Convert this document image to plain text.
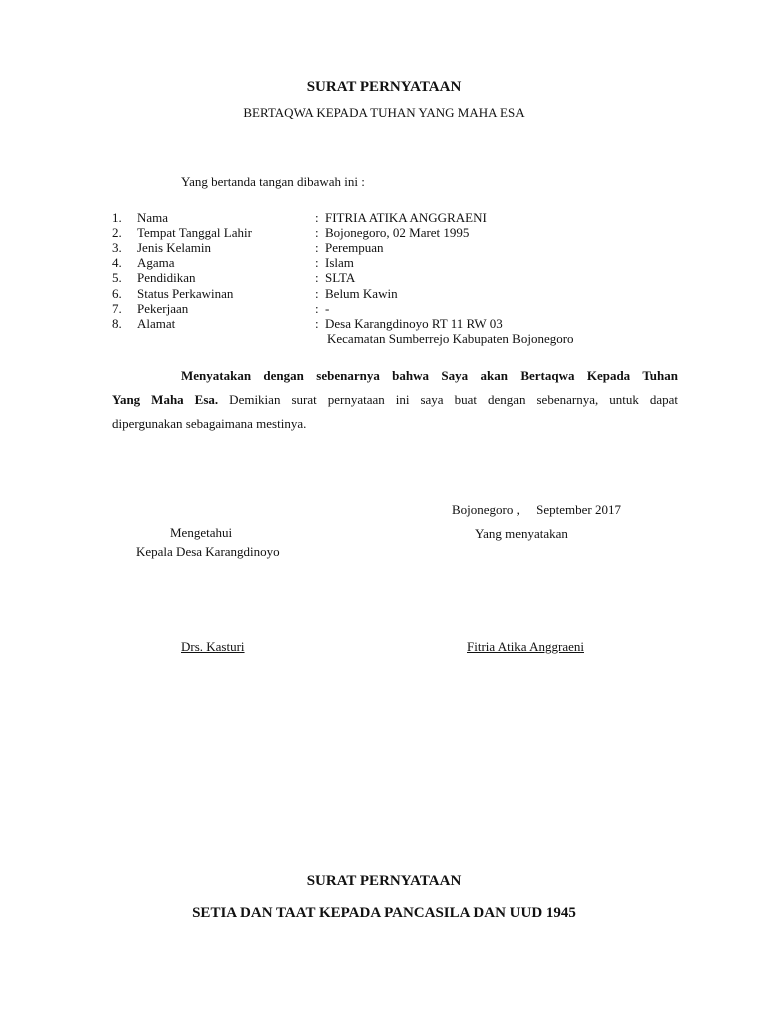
SURAT PERNYATAAN
BERTAQWA KEPADA TUHAN YANG MAHA ESA
Yang bertanda tangan dibawah ini :
1. Nama	: FITRIA ATIKA ANGGRAENI
2. Tempat Tanggal Lahir	: Bojonegoro, 02 Maret 1995
3. Jenis Kelamin	: Perempuan
4. Agama	: Islam
5. Pendidikan	: SLTA
6. Status Perkawinan	: Belum Kawin
7. Pekerjaan	: -
8. Alamat	: Desa Karangdinoyo RT 11 RW 03
Kecamatan Sumberrejo Kabupaten Bojonegoro
Menyatakan dengan sebenarnya bahwa Saya akan Bertaqwa Kepada Tuhan
Yang Maha Esa. Demikian surat pernyataan ini saya buat dengan sebenarnya, untuk dapat
dipergunakan sebagaimana mestinya.
Bojonegoro ,     September 2017
Mengetahui
Kepala Desa Karangdinoyo
Drs. Kasturi
Yang menyatakan
Fitria Atika Anggraeni
SURAT PERNYATAAN
SETIA DAN TAAT KEPADA PANCASILA DAN UUD 1945
